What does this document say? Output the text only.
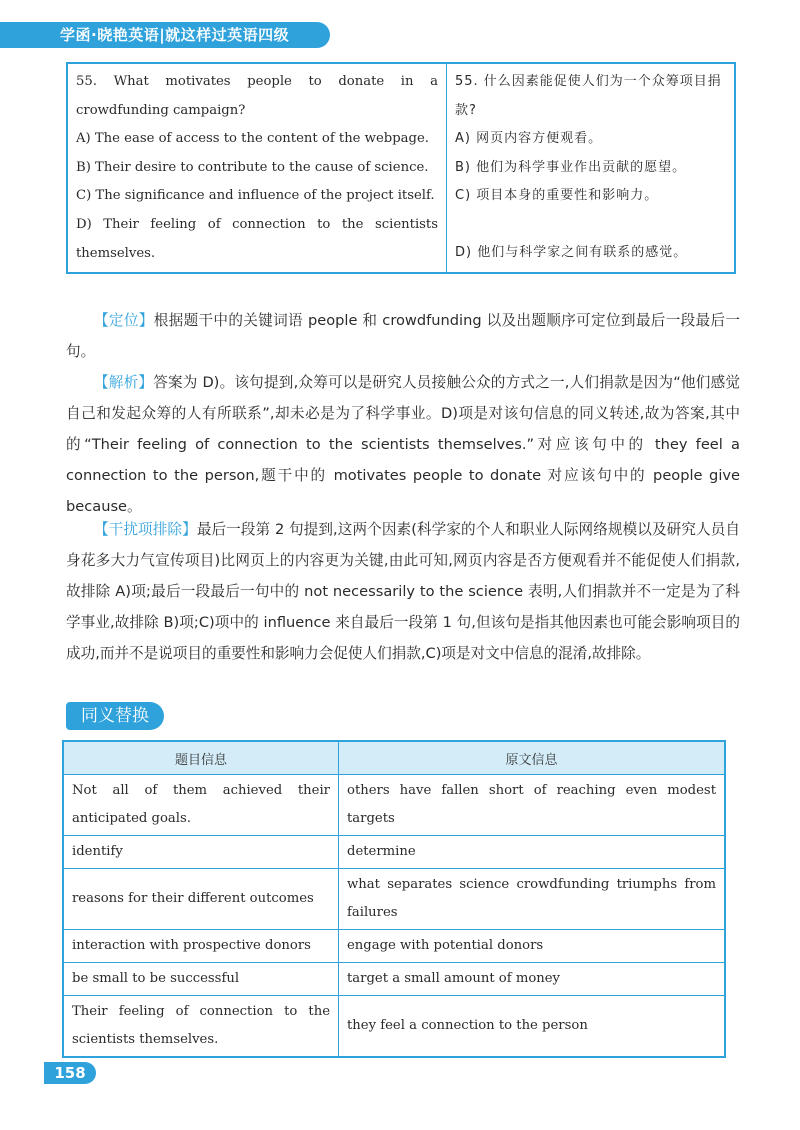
学函·晓艳英语|就这样过英语四级
55. What motivates people to donate in a crowdfunding campaign?
A) The ease of access to the content of the webpage.
B) Their desire to contribute to the cause of science.
C) The significance and influence of the project itself.
D) Their feeling of connection to the scientists themselves.

55. 什么因素能促使人们为一个众筹项目捐款?
A) 网页内容方便观看。
B) 他们为科学事业作出贡献的愿望。
C) 项目本身的重要性和影响力。
D) 他们与科学家之间有联系的感觉。

【定位】根据题干中的关键词语 people 和 crowdfunding 以及出题顺序可定位到最后一段最后一句。

【解析】答案为 D)。该句提到,众筹可以是研究人员接触公众的方式之一,人们捐款是因为“他们感觉自己和发起众筹的人有所联系”,却未必是为了科学事业。D)项是对该句信息的同义转述,故为答案,其中的“Their feeling of connection to the scientists themselves.”对应该句中的 they feel a connection to the person,题干中的 motivates people to donate 对应该句中的 people give because。

【干扰项排除】最后一段第 2 句提到,这两个因素(科学家的个人和职业人际网络规模以及研究人员自身花多大力气宣传项目)比网页上的内容更为关键,由此可知,网页内容是否方便观看并不能促使人们捐款,故排除 A)项;最后一段最后一句中的 not necessarily to the science 表明,人们捐款并不一定是为了科学事业,故排除 B)项;C)项中的 influence 来自最后一段第 1 句,但该句是指其他因素也可能会影响项目的成功,而并不是说项目的重要性和影响力会促使人们捐款,C)项是对文中信息的混淆,故排除。

同义替换
题目信息	原文信息
Not all of them achieved their anticipated goals.	others have fallen short of reaching even modest targets
identify	determine
reasons for their different outcomes	what separates science crowdfunding triumphs from failures
interaction with prospective donors	engage with potential donors
be small to be successful	target a small amount of money
Their feeling of connection to the scientists themselves.	they feel a connection to the person
158
